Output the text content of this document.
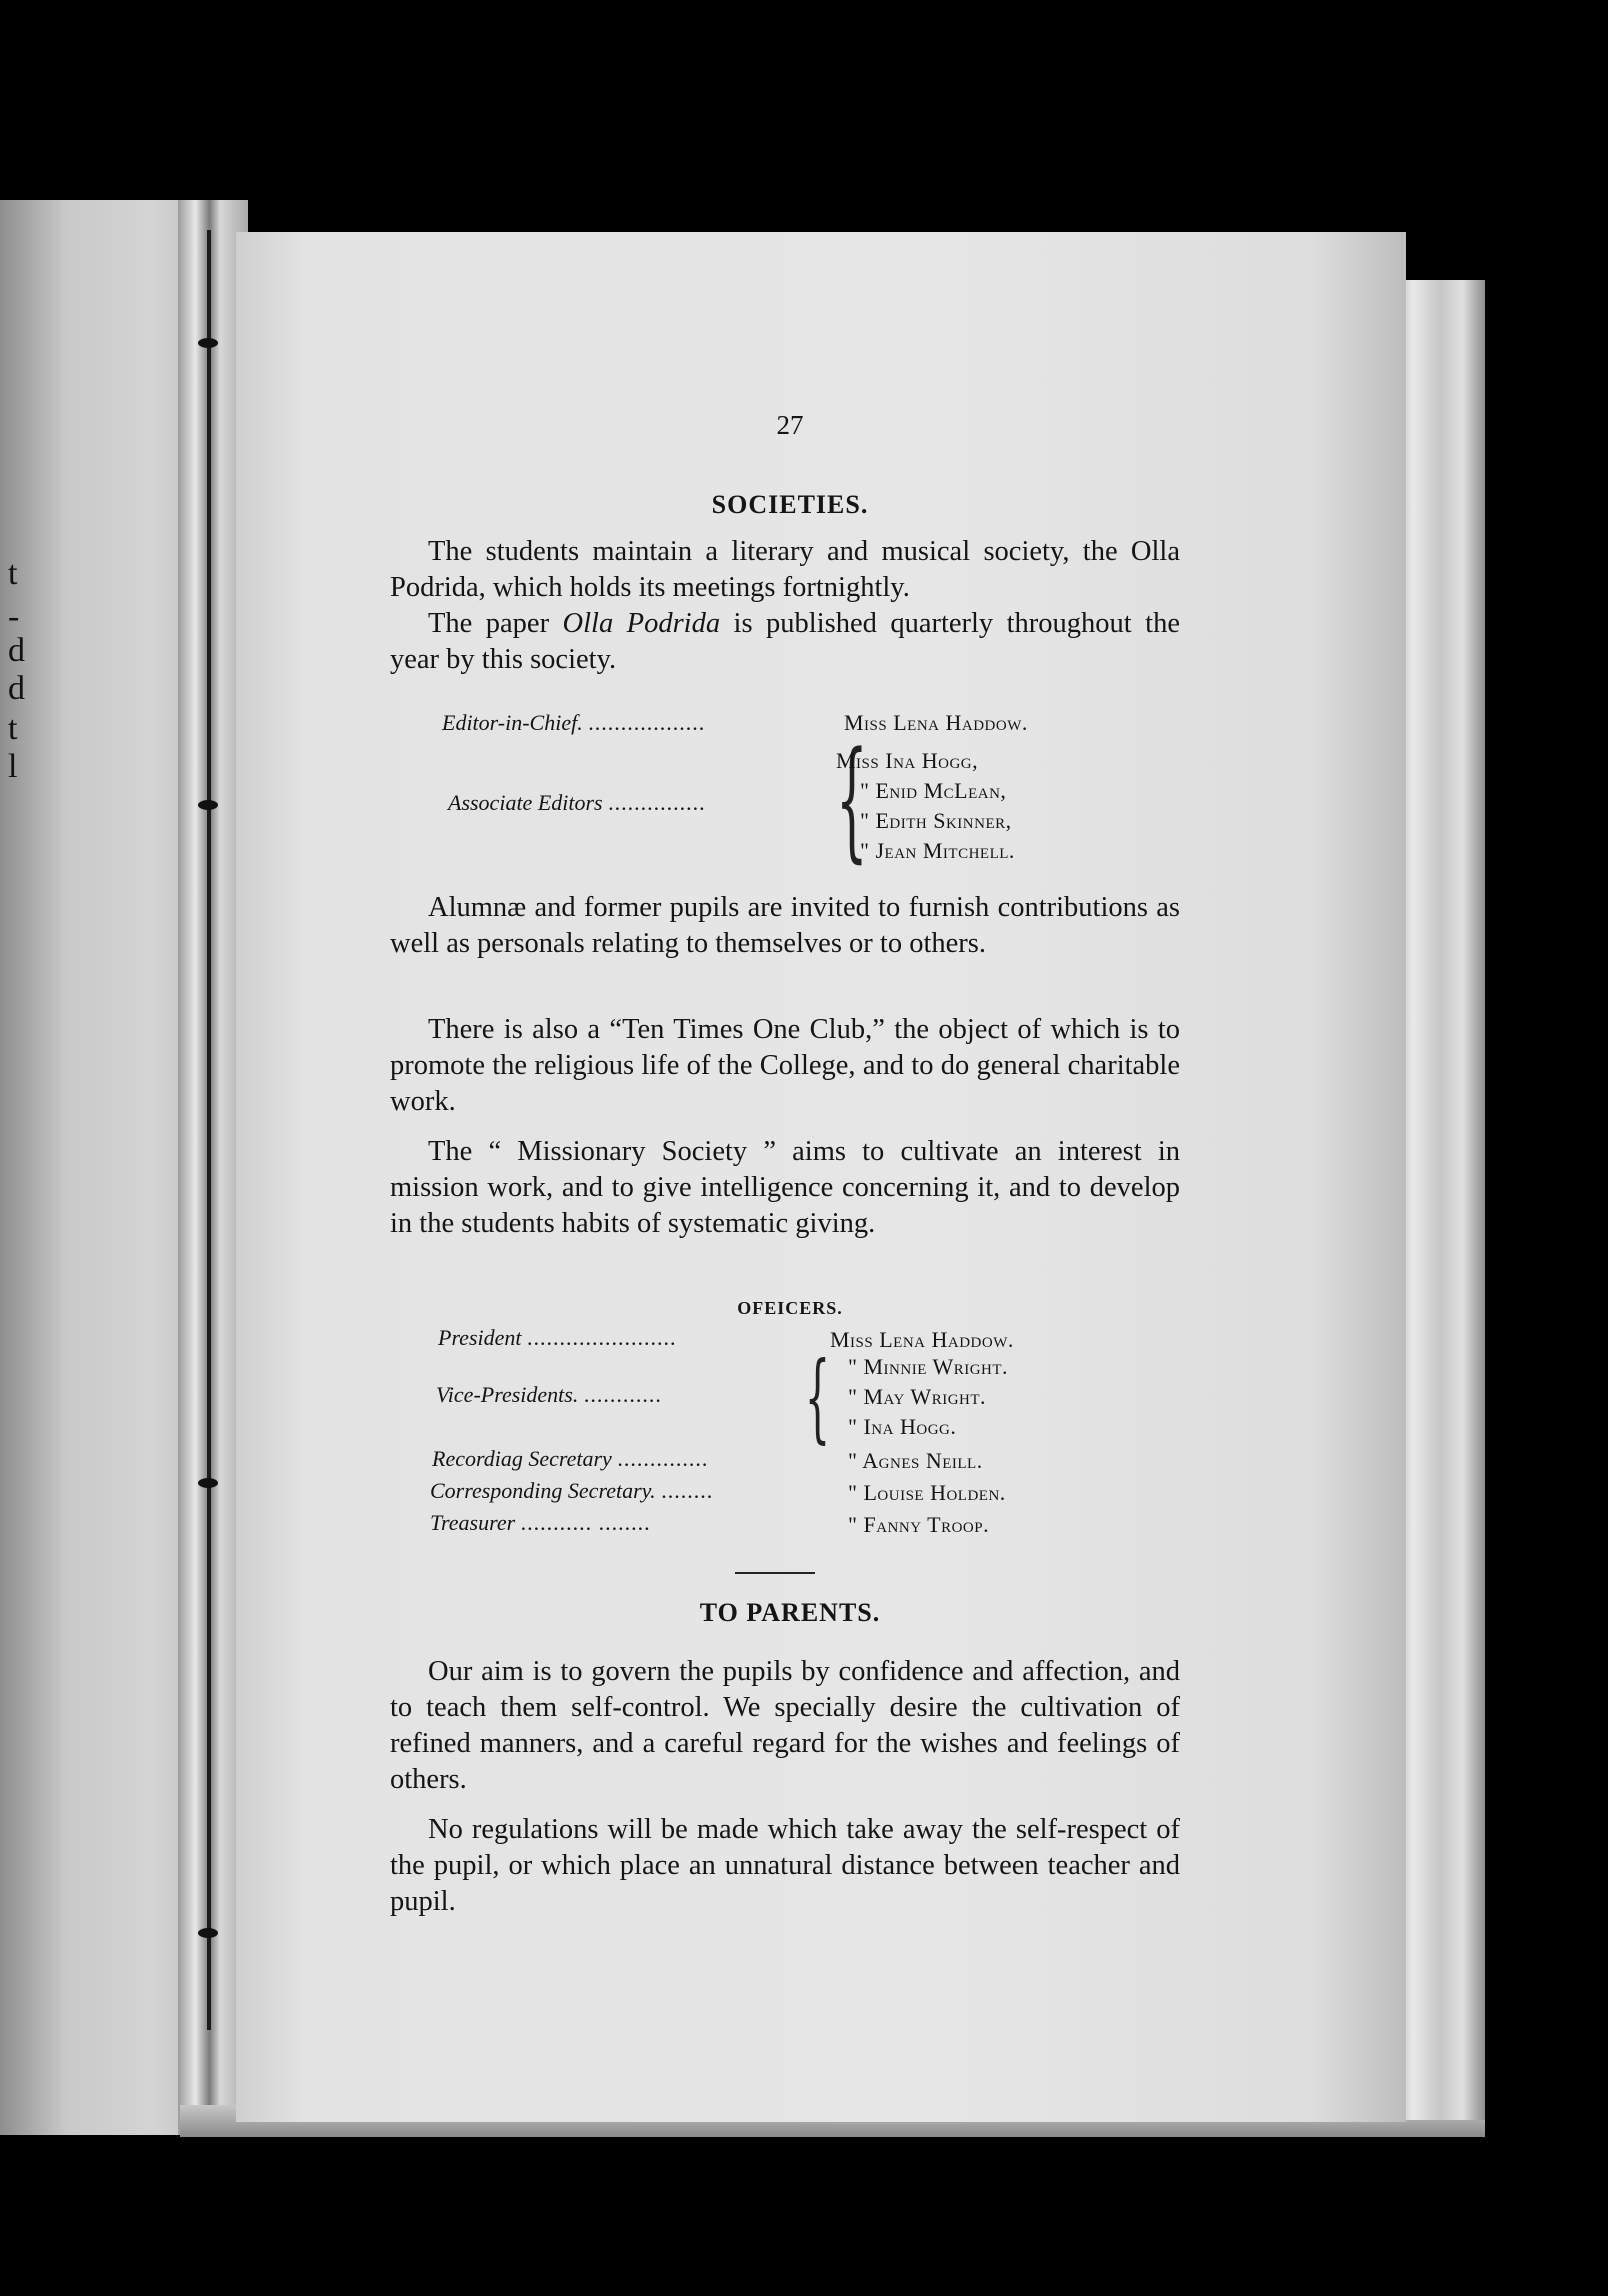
t
-
d
d
t
l
27
SOCIETIES.
The students maintain a literary and musical society, the Olla Podrida, which holds its meetings fortnightly.
The paper Olla Podrida is published quarterly throughout the year by this society.
Editor-in-Chief. ..................	Miss Lena Haddow.
Associate Editors ............... {
Miss Ina Hogg,
" Enid McLean,
" Edith Skinner,
" Jean Mitchell.
Alumnæ and former pupils are invited to furnish contributions as well as personals relating to themselves or to others.
There is also a “Ten Times One Club,” the object of which is to promote the religious life of the College, and to do general charitable work.
The “ Missionary Society ” aims to cultivate an interest in mission work, and to give intelligence concerning it, and to develop in the students habits of systematic giving.
OFEICERS.
President .......................	Miss Lena Haddow.
Vice-Presidents. ............ { " Minnie Wright.
" May Wright.
" Ina Hogg.
Recordiag Secretary ..............	" Agnes Neill.
Corresponding Secretary. ........	" Louise Holden.
Treasurer ........... ........	" Fanny Troop.
TO PARENTS.
Our aim is to govern the pupils by confidence and affection, and to teach them self-control. We specially desire the cultivation of refined manners, and a careful regard for the wishes and feelings of others.
No regulations will be made which take away the self-respect of the pupil, or which place an unnatural distance between teacher and pupil.
